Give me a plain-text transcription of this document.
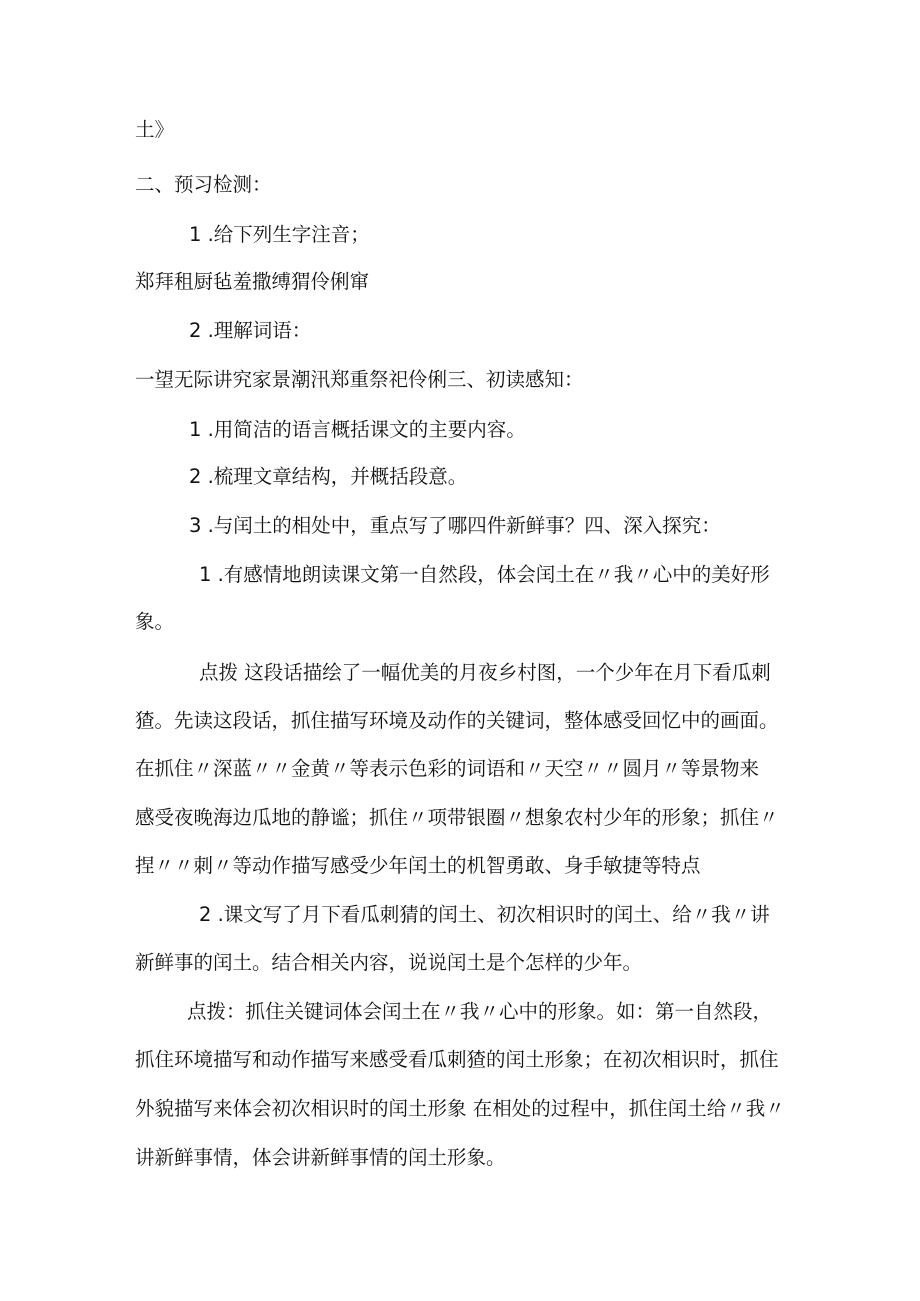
土》
二、预习检测：
1 .给下列生字注音；
郑拜租厨毡羞撒缚猬伶俐窜
2 .理解词语：
一望无际讲究家景潮汛郑重祭祀伶俐三、初读感知：
1 .用简洁的语言概括课文的主要内容。
2 .梳理文章结构，并概括段意。
3 .与闰土的相处中，重点写了哪四件新鲜事？四、深入探究：
1 .有感情地朗读课文第一自然段，体会闰土在〃我〃心中的美好形
象。
点拨 这段话描绘了一幅优美的月夜乡村图，一个少年在月下看瓜刺
猹。先读这段话，抓住描写环境及动作的关键词，整体感受回忆中的画面。
在抓住〃深蓝〃〃金黄〃等表示色彩的词语和〃天空〃〃圆月〃等景物来
感受夜晚海边瓜地的静谧；抓住〃项带银圈〃想象农村少年的形象；抓住〃
捏〃〃刺〃等动作描写感受少年闰土的机智勇敢、身手敏捷等特点
2 .课文写了月下看瓜刺猜的闰土、初次相识时的闰土、给〃我〃讲
新鲜事的闰土。结合相关内容，说说闰土是个怎样的少年。
点拨：抓住关键词体会闰土在〃我〃心中的形象。如：第一自然段，
抓住环境描写和动作描写来感受看瓜刺猹的闰土形象；在初次相识时，抓住
外貌描写来体会初次相识时的闰土形象 在相处的过程中，抓住闰土给〃我〃
讲新鲜事情，体会讲新鲜事情的闰土形象。
